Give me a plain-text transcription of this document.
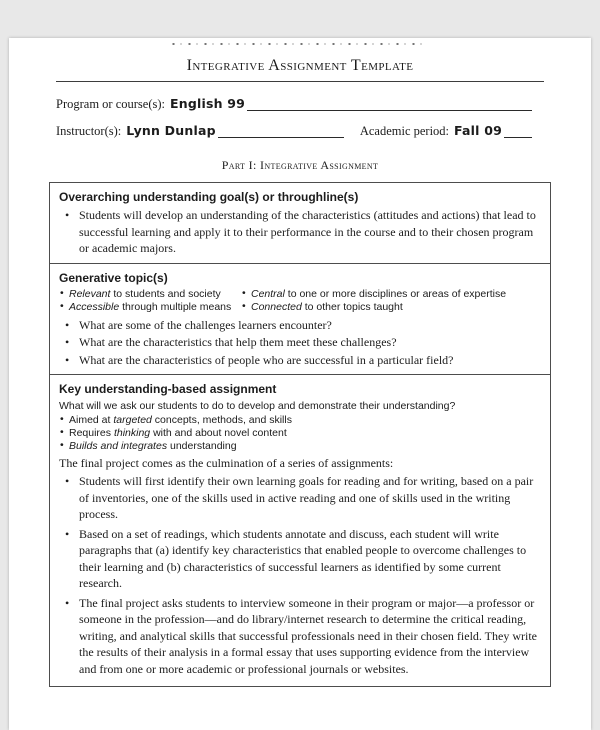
Integrative Assignment Template
Program or course(s): English 99
Instructor(s): Lynn Dunlap	Academic period: Fall 09
Part I: Integrative Assignment
Overarching understanding goal(s) or throughline(s)
• Students will develop an understanding of the characteristics (attitudes and actions) that lead to successful learning and apply it to their performance in the course and to their chosen program or academic majors.
Generative topic(s)
• Relevant to students and society
• Accessible through multiple means
• Central to one or more disciplines or areas of expertise
• Connected to other topics taught
• What are some of the challenges learners encounter?
• What are the characteristics that help them meet these challenges?
• What are the characteristics of people who are successful in a particular field?
Key understanding-based assignment
What will we ask our students to do to develop and demonstrate their understanding?
• Aimed at targeted concepts, methods, and skills
• Requires thinking with and about novel content
• Builds and integrates understanding
The final project comes as the culmination of a series of assignments:
• Students will first identify their own learning goals for reading and for writing, based on a pair of inventories, one of the skills used in active reading and one of skills used in the writing process.
• Based on a set of readings, which students annotate and discuss, each student will write paragraphs that (a) identify key characteristics that enabled people to overcome challenges to their learning and (b) characteristics of successful learners as identified by some current research.
• The final project asks students to interview someone in their program or major—a professor or someone in the profession—and do library/internet research to determine the critical reading, writing, and analytical skills that successful professionals need in their chosen field. They write the results of their analysis in a formal essay that uses supporting evidence from the interview and from one or more academic or professional journals or websites.
